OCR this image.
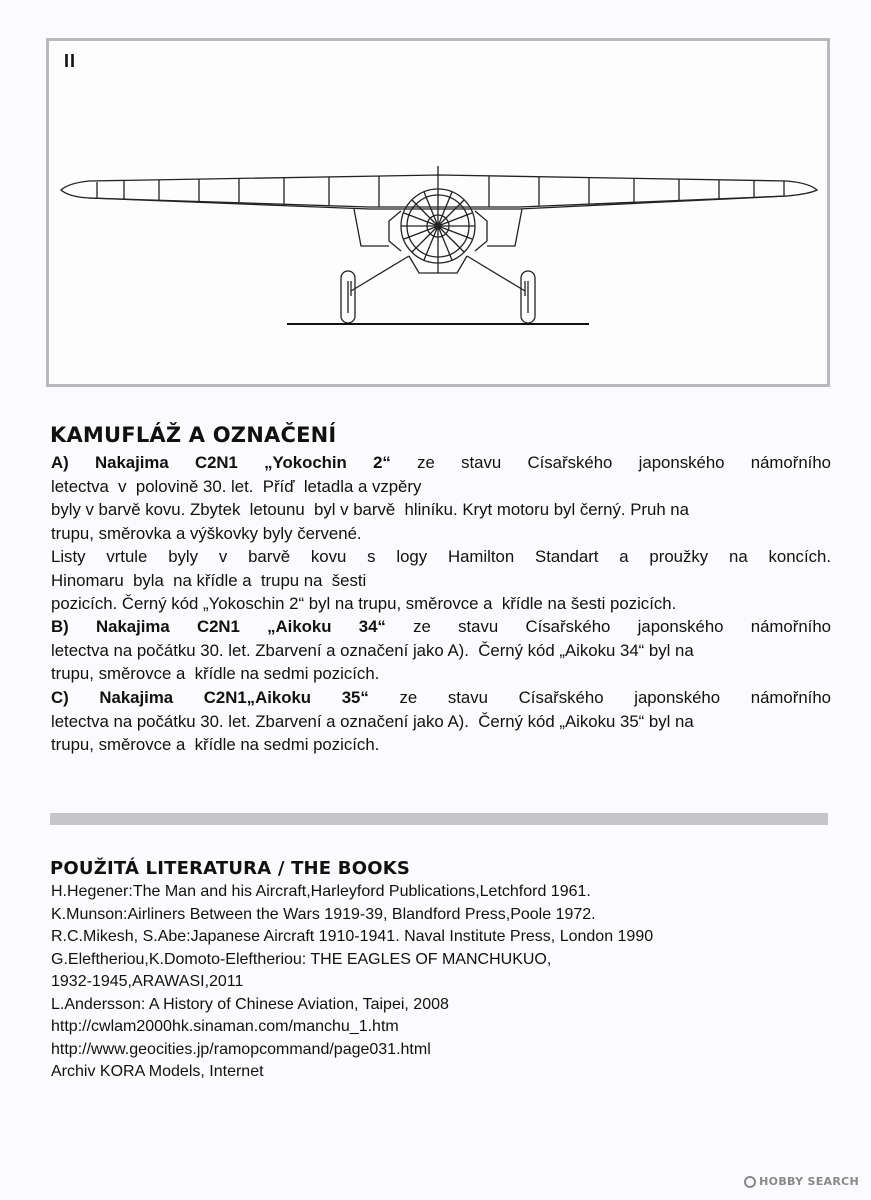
II
KAMUFLÁŽ A OZNAČENÍ
A) Nakajima C2N1 „Yokochin 2“ ze stavu Císařského japonského námořního
letectva  v  polovině 30. let.  Příď  letadla a vzpěry
byly v barvě kovu. Zbytek  letounu  byl v barvě  hliníku. Kryt motoru byl černý. Pruh na
trupu, směrovka a výškovky byly červené.
Listy vrtule byly v barvě kovu s logy Hamilton Standart a proužky na koncích.
Hinomaru  byla  na křídle a  trupu na  šesti
pozicích. Černý kód „Yokoschin 2“ byl na trupu, směrovce a  křídle na šesti pozicích.
B) Nakajima C2N1 „Aikoku 34“ ze stavu Císařského japonského námořního
letectva na počátku 30. let. Zbarvení a označení jako A).  Černý kód „Aikoku 34“ byl na
trupu, směrovce a  křídle na sedmi pozicích.
C) Nakajima C2N1„Aikoku 35“ ze stavu Císařského japonského námořního
letectva na počátku 30. let. Zbarvení a označení jako A).  Černý kód „Aikoku 35“ byl na
trupu, směrovce a  křídle na sedmi pozicích.
POUŽITÁ LITERATURA / THE BOOKS
H.Hegener:The Man and his Aircraft,Harleyford Publications,Letchford 1961.
K.Munson:Airliners Between the Wars 1919-39, Blandford Press,Poole 1972.
R.C.Mikesh, S.Abe:Japanese Aircraft 1910-1941. Naval Institute Press, London 1990
G.Eleftheriou,K.Domoto-Eleftheriou: THE EAGLES OF MANCHUKUO,
1932-1945,ARAWASI,2011
L.Andersson: A History of Chinese Aviation, Taipei, 2008
http://cwlam2000hk.sinaman.com/manchu_1.htm
http://www.geocities.jp/ramopcommand/page031.html
Archiv KORA Models, Internet
HOBBY SEARCH
